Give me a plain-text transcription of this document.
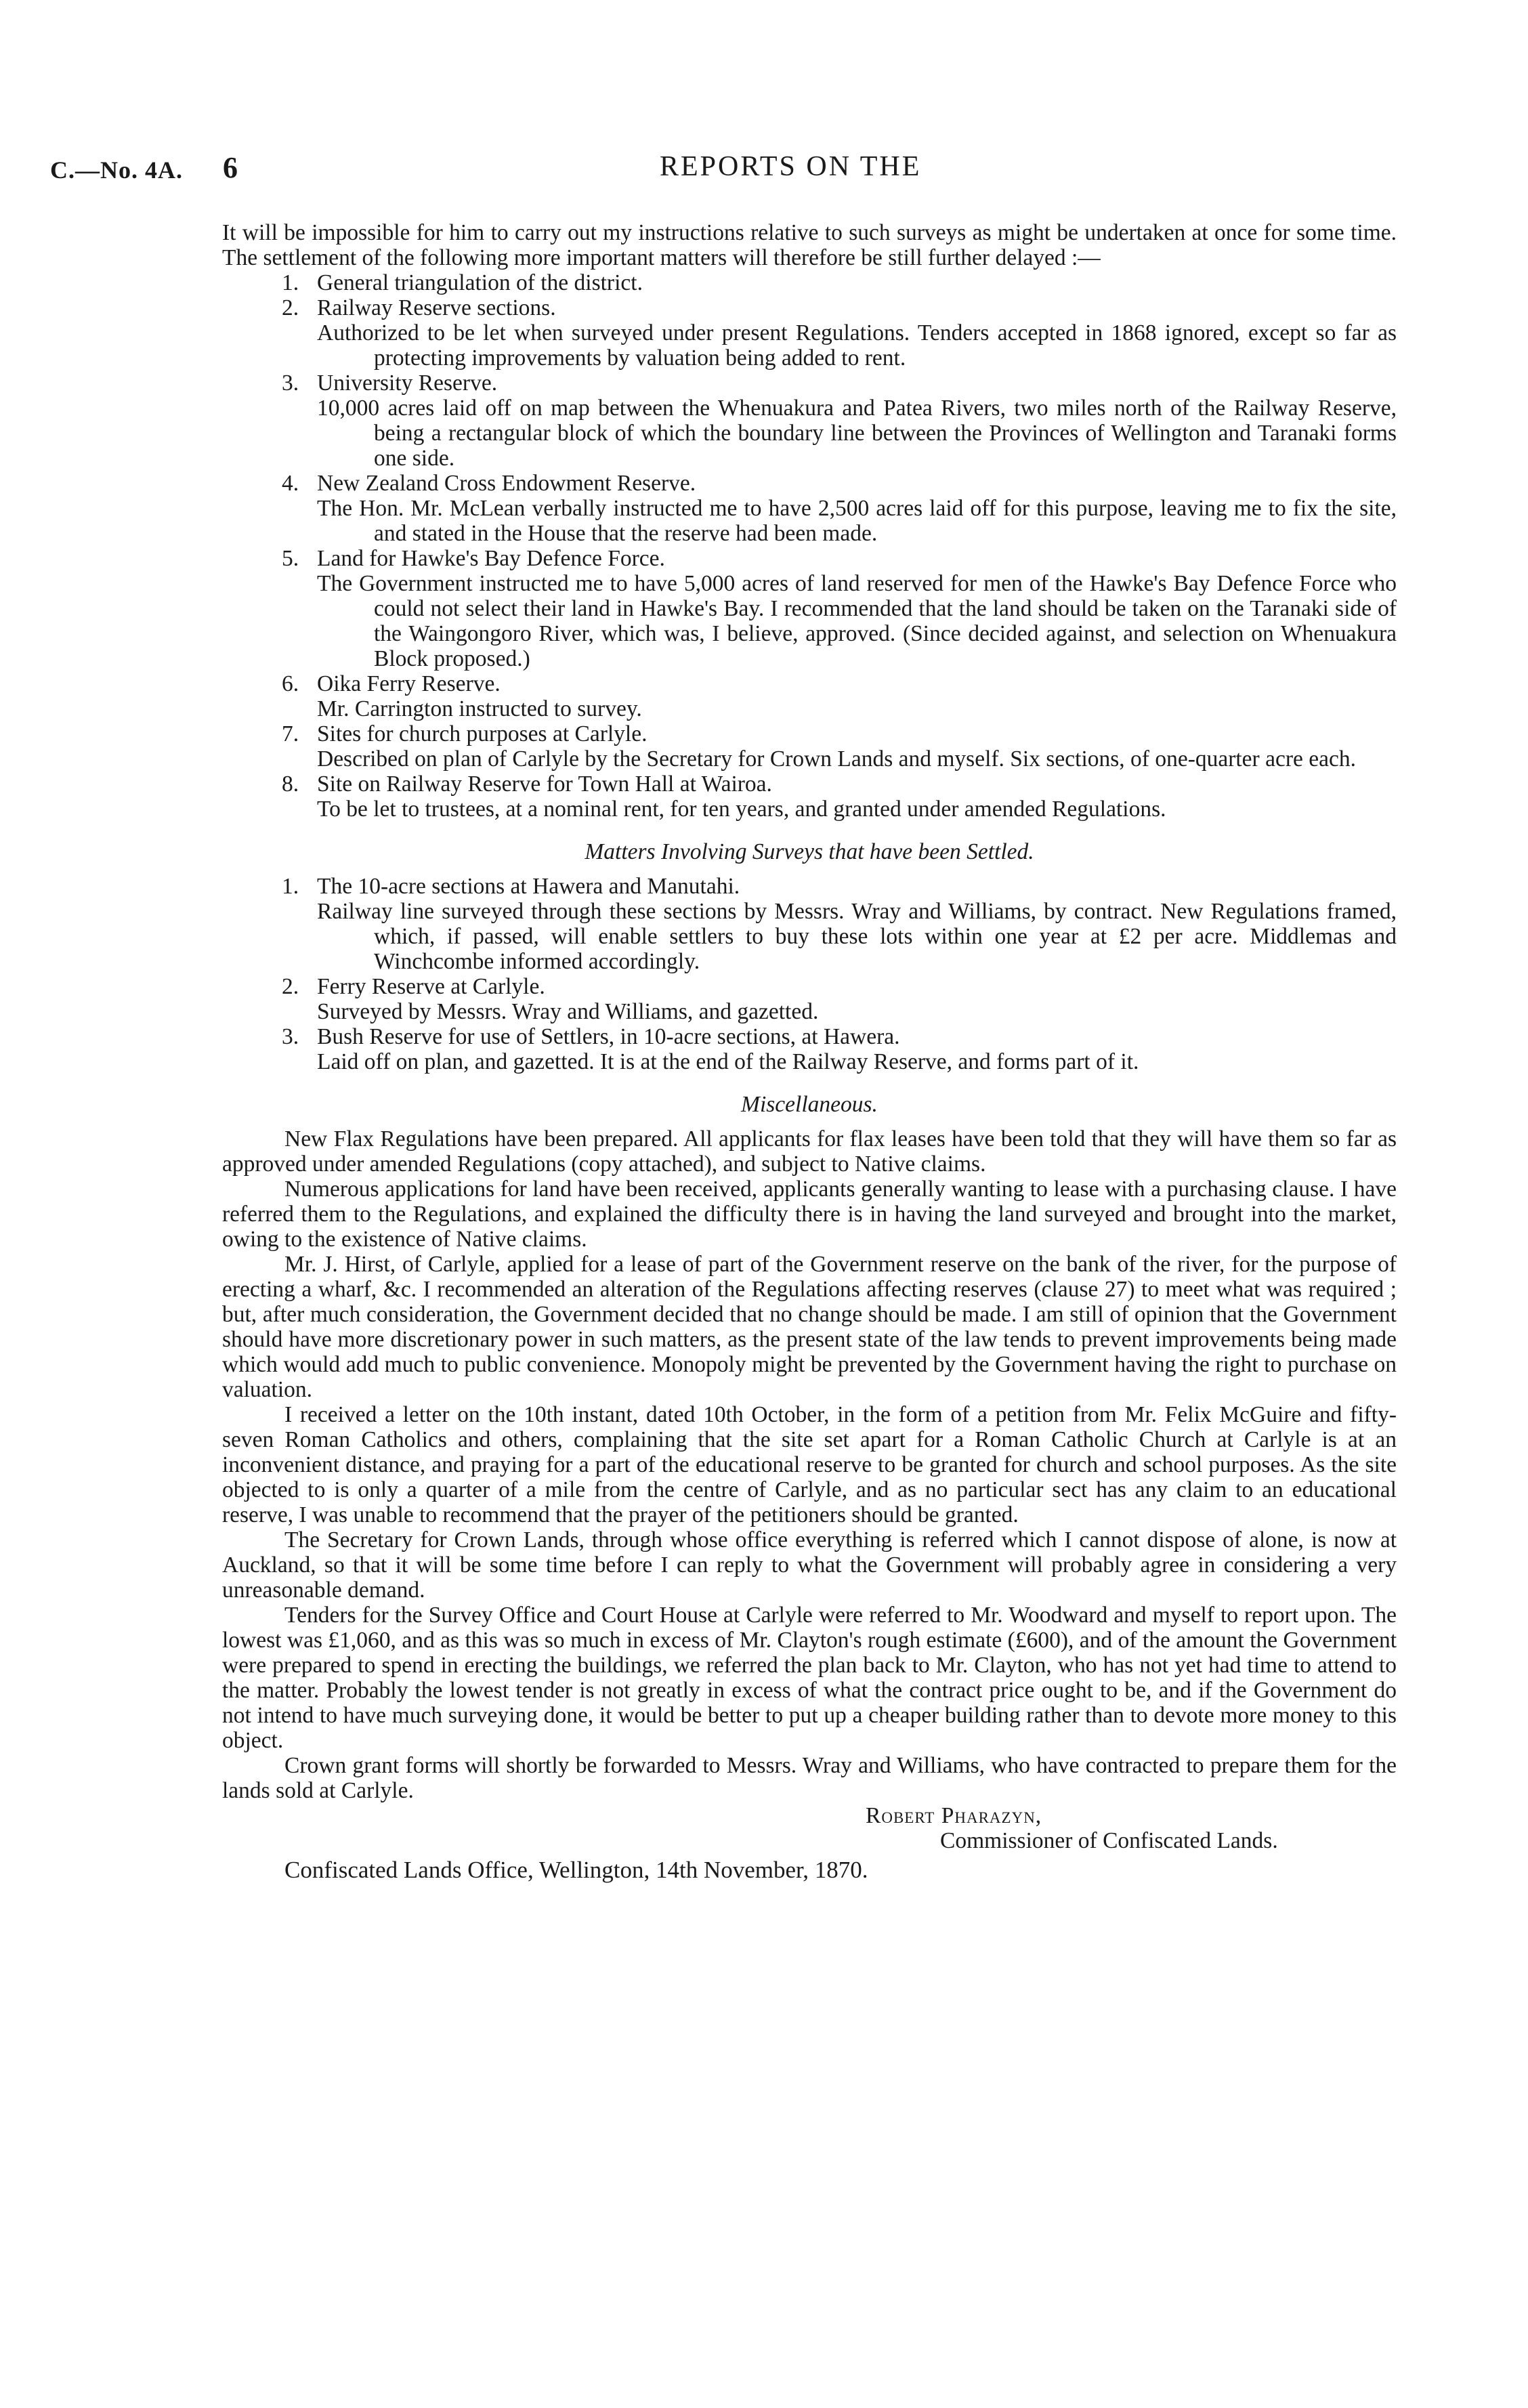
C.—No. 4A. 6	REPORTS ON THE

It will be impossible for him to carry out my instructions relative to such surveys as might be undertaken at once for some time. The settlement of the following more important matters will therefore be still further delayed :—

1. General triangulation of the district.

2. Railway Reserve sections.

Authorized to be let when surveyed under present Regulations. Tenders accepted in 1868 ignored, except so far as protecting improvements by valuation being added to rent.

3. University Reserve.

10,000 acres laid off on map between the Whenuakura and Patea Rivers, two miles north of the Railway Reserve, being a rectangular block of which the boundary line between the Provinces of Wellington and Taranaki forms one side.

4. New Zealand Cross Endowment Reserve.

The Hon. Mr. McLean verbally instructed me to have 2,500 acres laid off for this purpose, leaving me to fix the site, and stated in the House that the reserve had been made.

5. Land for Hawke's Bay Defence Force.

The Government instructed me to have 5,000 acres of land reserved for men of the Hawke's Bay Defence Force who could not select their land in Hawke's Bay. I recommended that the land should be taken on the Taranaki side of the Waingongoro River, which was, I believe, approved. (Since decided against, and selection on Whenuakura Block proposed.)

6. Oika Ferry Reserve.

Mr. Carrington instructed to survey.

7. Sites for church purposes at Carlyle.

Described on plan of Carlyle by the Secretary for Crown Lands and myself. Six sections, of one-quarter acre each.

8. Site on Railway Reserve for Town Hall at Wairoa.

To be let to trustees, at a nominal rent, for ten years, and granted under amended Regulations.

Matters Involving Surveys that have been Settled.

1. The 10-acre sections at Hawera and Manutahi.

Railway line surveyed through these sections by Messrs. Wray and Williams, by contract. New Regulations framed, which, if passed, will enable settlers to buy these lots within one year at £2 per acre. Middlemas and Winchcombe informed accordingly.

2. Ferry Reserve at Carlyle.

Surveyed by Messrs. Wray and Williams, and gazetted.

3. Bush Reserve for use of Settlers, in 10-acre sections, at Hawera.

Laid off on plan, and gazetted. It is at the end of the Railway Reserve, and forms part of it.

Miscellaneous.

New Flax Regulations have been prepared. All applicants for flax leases have been told that they will have them so far as approved under amended Regulations (copy attached), and subject to Native claims.

Numerous applications for land have been received, applicants generally wanting to lease with a purchasing clause. I have referred them to the Regulations, and explained the difficulty there is in having the land surveyed and brought into the market, owing to the existence of Native claims.

Mr. J. Hirst, of Carlyle, applied for a lease of part of the Government reserve on the bank of the river, for the purpose of erecting a wharf, &c. I recommended an alteration of the Regulations affecting reserves (clause 27) to meet what was required ; but, after much consideration, the Government decided that no change should be made. I am still of opinion that the Government should have more discretionary power in such matters, as the present state of the law tends to prevent improvements being made which would add much to public convenience. Monopoly might be prevented by the Government having the right to purchase on valuation.

I received a letter on the 10th instant, dated 10th October, in the form of a petition from Mr. Felix McGuire and fifty-seven Roman Catholics and others, complaining that the site set apart for a Roman Catholic Church at Carlyle is at an inconvenient distance, and praying for a part of the educational reserve to be granted for church and school purposes. As the site objected to is only a quarter of a mile from the centre of Carlyle, and as no particular sect has any claim to an educational reserve, I was unable to recommend that the prayer of the petitioners should be granted.

The Secretary for Crown Lands, through whose office everything is referred which I cannot dispose of alone, is now at Auckland, so that it will be some time before I can reply to what the Government will probably agree in considering a very unreasonable demand.

Tenders for the Survey Office and Court House at Carlyle were referred to Mr. Woodward and myself to report upon. The lowest was £1,060, and as this was so much in excess of Mr. Clayton's rough estimate (£600), and of the amount the Government were prepared to spend in erecting the buildings, we referred the plan back to Mr. Clayton, who has not yet had time to attend to the matter. Probably the lowest tender is not greatly in excess of what the contract price ought to be, and if the Government do not intend to have much surveying done, it would be better to put up a cheaper building rather than to devote more money to this object.

Crown grant forms will shortly be forwarded to Messrs. Wray and Williams, who have contracted to prepare them for the lands sold at Carlyle.

Robert Pharazyn,
Commissioner of Confiscated Lands.

Confiscated Lands Office, Wellington, 14th November, 1870.
